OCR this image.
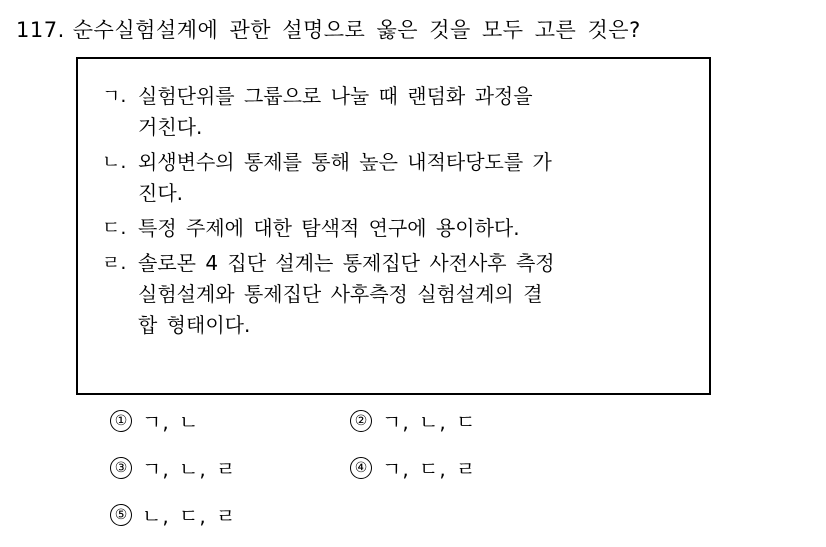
117. 순수실험설계에 관한 설명으로 옳은 것을 모두 고른 것은?
ㄱ. 실험단위를 그룹으로 나눌 때 랜덤화 과정을
거친다.
ㄴ. 외생변수의 통제를 통해 높은 내적타당도를 가
진다.
ㄷ. 특정 주제에 대한 탐색적 연구에 용이하다.
ㄹ. 솔로몬 4 집단 설계는 통제집단 사전사후 측정
실험설계와 통제집단 사후측정 실험설계의 결
합 형태이다.
① ㄱ, ㄴ	② ㄱ, ㄴ, ㄷ
③ ㄱ, ㄴ, ㄹ	④ ㄱ, ㄷ, ㄹ
⑤ ㄴ, ㄷ, ㄹ
